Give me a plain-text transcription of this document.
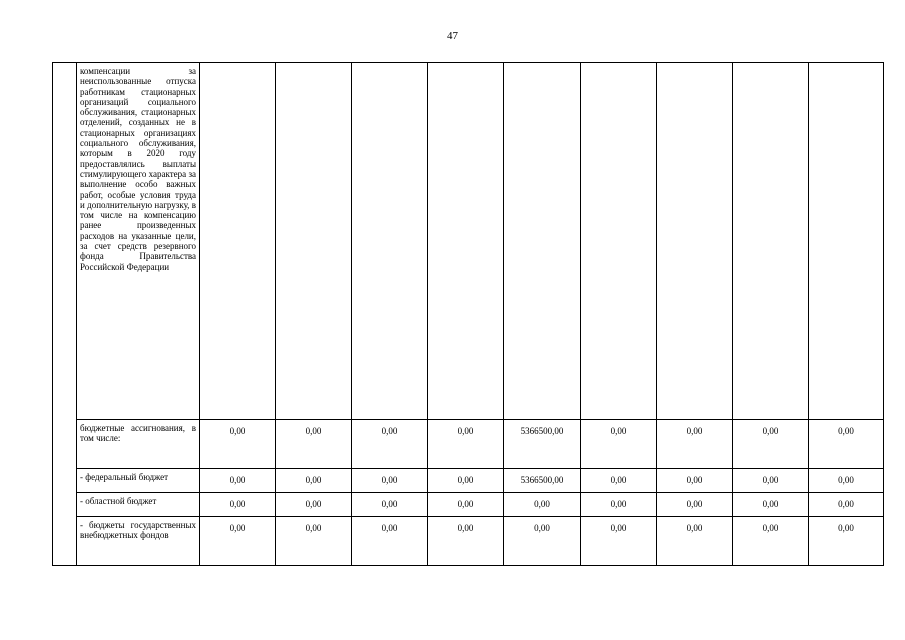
47

	компенсации за неиспользованные отпуска работникам стационарных организаций социального обслуживания, стационарных отделений, созданных не в стационарных организациях социального обслуживания, которым в 2020 году предоставлялись выплаты стимулирующего характера за выполнение особо важных работ, особые условия труда и дополнительную нагрузку, в том числе на компенсацию ранее произведенных расходов на указанные цели, за счет средств резервного фонда Правительства Российской Федерации									

	бюджетные ассигнования, в том числе:	0,00	0,00	0,00	0,00	5366500,00	0,00	0,00	0,00	0,00

	- федеральный бюджет	0,00	0,00	0,00	0,00	5366500,00	0,00	0,00	0,00	0,00

	- областной бюджет	0,00	0,00	0,00	0,00	0,00	0,00	0,00	0,00	0,00

	- бюджеты государственных внебюджетных фондов	0,00	0,00	0,00	0,00	0,00	0,00	0,00	0,00	0,00
